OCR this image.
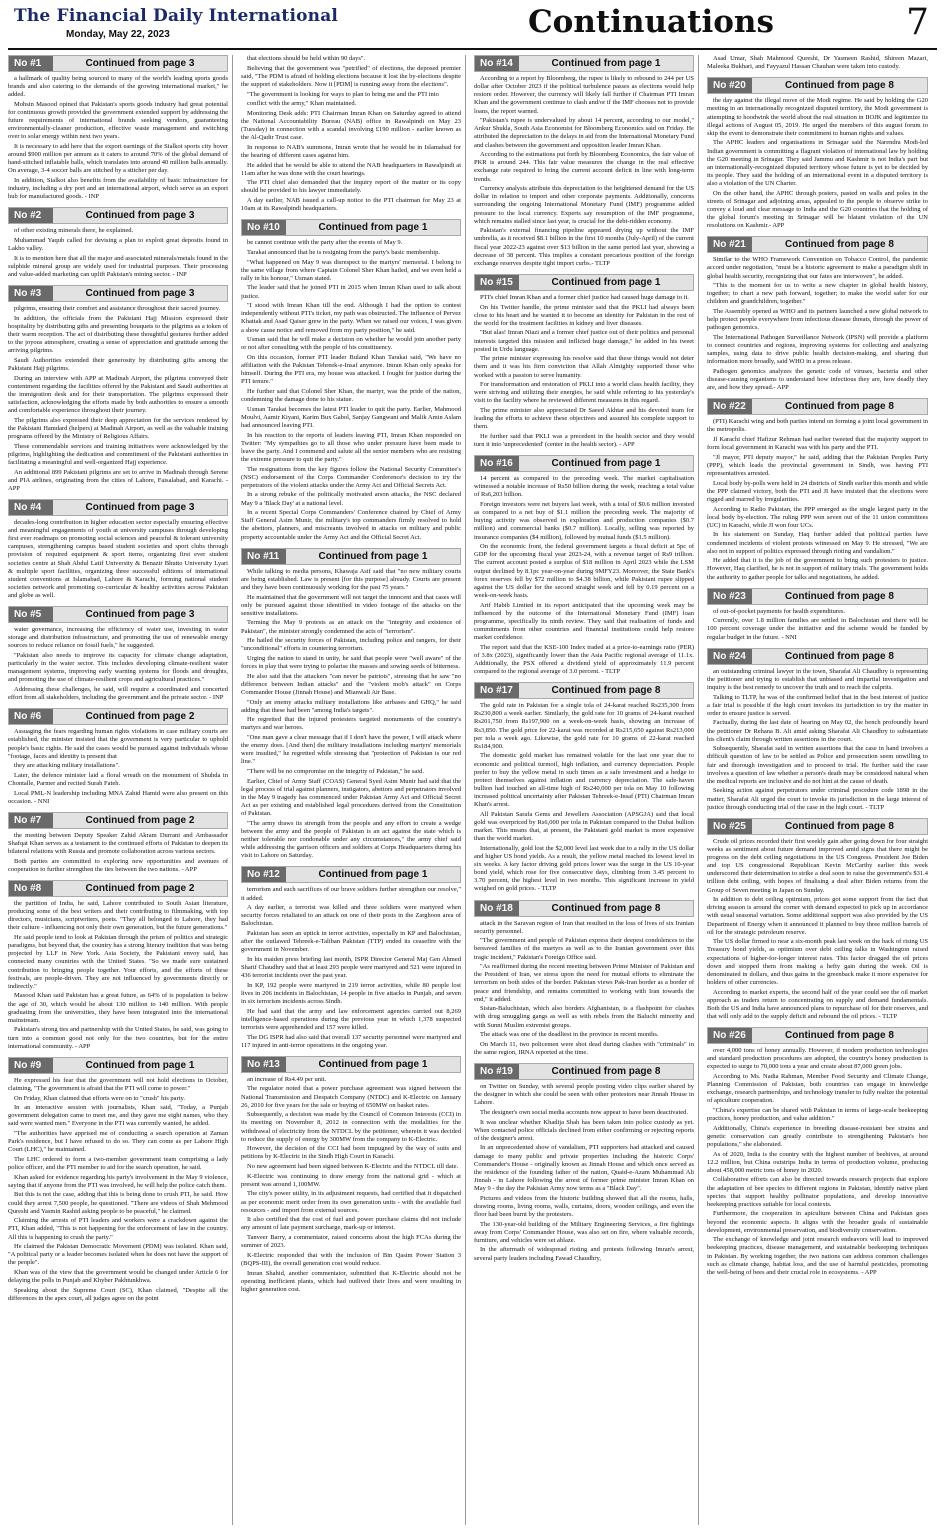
The Financial Daily International
Monday, May 22, 2023	Continuations	7
No #1	Continued from page 3

a hallmark of quality being sourced to many of the world's leading sports goods brands and also catering to the demands of the growing international market," he added.

Mohsin Masood opined that Pakistan's sports goods industry had great potential for continuous growth provided the government extended support by addressing the future requirements of international brands seeking vendors, guaranteeing environmentally-cleaner production, effective waste management and switching over to solar energy within next two years.

It is necessary to add here that the export earnings of the Sialkot sports city hover around $900 million per annum as it caters to around 70% of the global demand of hand-stitched inflatable balls, which translates into around 40 million balls annually. On average, 3-4 soccer balls are stitched by a stitcher per day.

In addition, Sialkot also benefits from the availability of basic infrastructure for industry, including a dry port and an international airport, which serve as an export hub for manufactured goods. - INP

No #2	Continued from page 3

of other existing minerals there, he explained.

Muhammad Yaqub called for devising a plan to exploit great deposits found in Lakho valley.

It is to mention here that all the major and associated minerals/metals found in the sulphide mineral group are widely used for industrial purposes. Their processing and value-added marketing can uplift Pakistan's mining sector. - INP

No #3	Continued from page 3

pilgrims, ensuring their comfort and assistance throughout their sacred journey.

In addition, the officials from the Pakistani Hajj Mission expressed their hospitality by distributing gifts and presenting bouquets to the pilgrims as a token of their warm reception. The act of distributing these thoughtful gestures further added to the joyous atmosphere, creating a sense of appreciation and gratitude among the arriving pilgrims.

Saudi Authorities extended their generosity by distributing gifts among the Pakistani Hajj pilgrims.

During an interview with APP at Madinah Airport, the pilgrims conveyed their contentment regarding the facilities offered by the Pakistani and Saudi authorities at the immigration desk and for their transportation. The pilgrims expressed their satisfaction, acknowledging the efforts made by both authorities to ensure a smooth and comfortable experience throughout their journey.

The pilgrims also expressed their deep appreciation for the services rendered by the Pakistani Hamdard (helpers) at Madinah Airport, as well as the valuable training programs offered by the Ministry of Religious Affairs.

These commendable services and training initiatives were acknowledged by the pilgrims, highlighting the dedication and commitment of the Pakistani authorities in facilitating a meaningful and well-organized Hajj experience.

An additional 899 Pakistani pilgrims are set to arrive in Madinah through Serene and PIA airlines, originating from the cities of Lahore, Faisalabad, and Karachi. - APP

No #4	Continued from page 3

decades-long contribution in higher education sector especially ensuring effective and meaningful engagements of youth at university campuses through developing first ever roadmaps on promoting social sciences and peaceful & tolerant university campuses, strengthening campus based student societies and sport clubs through provision of required equipment & sport items, organizing first ever student societies centre at Shah Abdul Latif University & Benazir Bhutto University Lyari & multiple sport facilities, organizing three successful editions of international student conventions at Islamabad, Lahore & Karachi, forming national student societies network and promoting co-curricular & healthy activities across Pakistan and globe as well.

No #5	Continued from page 3

water governance, increasing the efficiency of water use, investing in water storage and distribution infrastructure, and promoting the use of renewable energy sources to reduce reliance on fossil fuels," he suggested.

"Pakistan also needs to improve its capacity for climate change adaptation, particularly in the water sector. This includes developing climate-resilient water management systems, improving early warning systems for floods and droughts, and promoting the use of climate-resilient crops and agricultural practices."

Addressing these challenges, he said, will require a coordinated and concerted effort from all stakeholders, including the government and the private sector. - INP

No #6	Continued from page 2

Assuaging the fears regarding human rights violations in case military courts are established, the minister insisted that the government is very particular to uphold people's basic rights. He said the cases would be pursued against individuals whose "footage, faces and identity is present that

they are attacking military installations".

Later, the defence minister laid a floral wreath on the monument of Shuhda in Chontalle, Parmer and recited Surah Fateh.

Local PML-N leadership including MNA Zahid Hamid were also present on this occasion. - NNI

No #7	Continued from page 2

the meeting between Deputy Speaker Zahid Akram Durrani and Ambassador Shafqat Khan serves as a testament to the continued efforts of Pakistan to deepen its bilateral relations with Russia and promote collaboration across various sectors.

Both parties are committed to exploring new opportunities and avenues of cooperation to further strengthen the ties between the two nations. - APP

No #8	Continued from page 2

the partition of India, he said, Lahore contributed to South Asian literature, producing some of the best writers and their contributing to filmmaking, with top directors, musicians, scriptwriters, poets. "They all belonged to Lahore, they had their culture - influencing not only their own generation, but the future generations."

He said people tend to look at Pakistan through the prism of politics and strategic paradigms, but beyond that, the country has a strong literary tradition that was being projected by LLF in New York. Asia Society, the Pakistani envoy said, has connected many countries with the United States. "So we made sure sustained contribution to bringing people together. Your efforts, and the efforts of these festivals, are people-driven. They are not influenced by governments directly or indirectly."

Masood Khan said Pakistan has a great future, as 64% of is population is below the age of 30, which would be about 130 million to 140 million. With people graduating from the universities, they have been integrated into the international mainstream.

Pakistan's strong ties and partnership with the United States, he said, was going to turn into a common good not only for the two countries, but for the entire international community. - APP

No #9	Continued from page 1

He expressed his fear that the government will not hold elections in October, claiming, "The government is afraid that the PTI will come to power."

On Friday, Khan claimed that efforts were on to "crush" his party.

In an interactive session with journalists, Khan said, "Today, a Punjab government delegation came to meet me, and they gave me eight names, who they said were wanted men." Everyone in the PTI was currently wanted, he added.

"The authorities have apprised me of conducting a search operation at Zaman Park's residence, but I have refused to do so. They can come as per Lahore High Court (LHC)," he maintained.

The LHC ordered to form a two-member government team comprising a lady police officer, and the PTI member to aid for the search operation, he said.

Khan asked for evidence regarding his party's involvement in the May 9 violence, saying that if anyone from the PTI was involved, he will help the police catch them.

But this is not the case, adding that this is being done to crush PTI, he said. How could they arrest 7,500 people, he questioned. "There are videos of Shah Mehmood Qureshi and Yasmin Rashid asking people to be peaceful," he claimed.

Claiming the arrests of PTI leaders and workers were a crackdown against the PTI, Khan added, "This is not happening for the enforcement of law in the country. All this is happening to crush the party."

He claimed the Pakistan Democratic Movement (PDM) was isolated. Khan said, "A political party or a leader becomes isolated when he does not have the support of the people".

Khan was of the view that the government would be changed under Article 6 for delaying the polls in Punjab and Khyber Pakhtunkhwa.

Speaking about the Supreme Court (SC), Khan claimed, "Despite all the differences in the apex court, all judges agree on the point

that elections should be held within 90 days".

Believing that the government was "petrified" of elections, the deposed premier said, "The PDM is afraid of holding elections because it lost the by-elections despite the support of stakeholders. Now it [PDM] is running away from the elections".

"The government is looking for ways to plan to bring me and the PTI into

conflict with the army," Khan maintained.

Monitoring Desk adds: PTI Chairman Imran Khan on Saturday agreed to attend the National Accountability Bureau (NAB) office in Rawalpindi on May 23 (Tuesday) in connection with a scandal involving £190 million - earlier known as the Al-Qadir Trust case.

In response to NAB's summons, Imran wrote that he would be in Islamabad for the hearing of different cases against him.

He added that he would be able to attend the NAB headquarters in Rawalpindi at 11am after he was done with the court hearings.

The PTI chief also demanded that the inquiry report of the matter or its copy should be provided to his lawyer immediately.

A day earlier, NAB issued a call-up notice to the PTI chairman for May 23 at 10am at its Rawalpindi headquarters.

No #10	Continued from page 1

be cannot continue with the party after the events of May 9.

Tarakai announced that he is resigning from the party's basic membership.

"What happened on May 9 was disrespect to the martyrs' memorial. I belong to the same village from where Captain Colonel Sher Khan hailed, and we even held a rally in his honour," Usman stated.

The leader said that he joined PTI in 2015 when Imran Khan used to talk about justice.

"I stood with Imran Khan till the end. Although I had the option to contest independently without PTI's ticket, my path was obstructed. The influence of Pervez Khattak and Asad Qaiser grew in the party. When we raised our voices, I was given a show cause notice and removed from my party position," he said.

Usman said that he will make a decision on whether he would join another party or not after consulting with the people of his constituency.

On this occasion, former PTI leader Buland Khan Tarakai said, "We have no affiliation with the Pakistan Tehreek-e-Insaf anymore. Imran Khan only speaks for himself. During the PTI era, my house was attacked. I fought for justice during the PTI tenure."

He further said that Colonel Sher Khan, the martyr, was the pride of the nation, condemning the damage done to his statue.

Usman Tarakai becomes the latest PTI leader to quit the party. Earlier, Mahmood Moulvi, Aamir Kiyani, Karim Bux Gabol, Sanjay Gangwani and Malik Amin Aslam had announced leaving PTI.

In his reaction to the reports of leaders leaving PTI, Imran Khan responded on Twitter: "My sympathies go to all those who under pressure have been made to leave the party. And I commend and salute all the senior members who are resisting the extreme pressure to quit the party."

The resignations from the key figures follow the National Security Committee's (NSC) endorsement of the Corps Commander Conference's decision to try the perpetrators of the violent attacks under the Army Act and Official Secrets Act.

In a strong rebuke of the politically motivated arson attacks, the NSC declared May 9 a 'Black Day' at a national level.

In a recent Special Corps Commanders' Conference chaired by Chief of Army Staff General Asim Munir, the military's top commanders firmly resolved to hold the abettors, planners, and miscreants involved in attacks on military and public property accountable under the Army Act and the Official Secret Act.

No #11	Continued from page 1

While talking to media persons, Khawaja Asif said that "no new military courts are being established. Law is present [for this purpose] already. Courts are present and they have been continuously working for the past 75 years."

He maintained that the government will not target the innocent and that cases will only be pursued against those identified in video footage of the attacks on the sensitive installations.

Terming the May 9 protests as an attack on the "integrity and existence of Pakistan", the minister strongly condemned the acts of "terrorism".

He hailed the security forces of Pakistan, including police and rangers, for their "unconditional" efforts in countering terrorism.

Urging the nation to stand in unity, he said that people were "well aware" of the forces in play that were trying to polarise the masses and sowing seeds of bitterness.

He also said that the attackers "can never be patriots", stressing that he saw "no difference between Indian attacks" and the "violent mob's attack" on Corps Commander House (Jinnah House) and Mianwali Air Base.

"Only an enemy attacks military installations like airbases and GHQ," he said adding that these had been "among India's targets".

He regretted that the injured protesters targeted monuments of the country's martyrs and war heroes.

"One man gave a clear message that if I don't have the power, I will attack where the enemy does. [And then] the military installations including martyrs' memorials were insulted," he regretted while stressing that "protection of Pakistan is our red line."

"There will be no compromise on the integrity of Pakistan," he said.

Earlier, Chief of Army Staff (COAS) General Syed Asim Munir had said that the legal process of trial against planners, instigators, abettors and perpetrators involved in the May 9 tragedy has commenced under Pakistan Army Act and Official Secret Act as per existing and established legal procedures derived from the Constitution of Pakistan.

"The army draws its strength from the people and any effort to create a wedge between the army and the people of Pakistan is an act against the state which is neither tolerable nor condonable under any circumstances," the army chief said while addressing the garrison officers and soldiers at Corps Headquarters during his visit to Lahore on Saturday.

No #12	Continued from page 1

terrorism and such sacrifices of our brave soldiers further strengthen our resolve," it added.

A day earlier, a terrorist was killed and three soldiers were martyred when security forces retaliated to an attack on one of their posts in the Zarghoon area of Balochistan.

Pakistan has seen an uptick in terror activities, especially in KP and Balochistan, after the outlawed Tehreek-e-Taliban Pakistan (TTP) ended its ceasefire with the government in November.

In his maiden press briefing last month, ISPR Director General Maj Gen Ahmed Sharif Chaudhry said that at least 293 people were martyred and 521 were injured in 436 terrorist incidents over the past year.

In KP, 192 people were martyred in 219 terror activities, while 80 people lost lives in 206 incidents in Balochistan, 14 people in five attacks in Punjab, and seven in six terrorism incidents across Sindh.

He had said that the army and law enforcement agencies carried out 8,269 intelligence-based operations during the previous year in which 1,378 suspected terrorists were apprehended and 157 were killed.

The DG ISPR had also said that overall 137 security personnel were martyred and 117 injured in anti-terror operations in the ongoing year.

No #13	Continued from page 1

an increase of Rs4.49 per unit.

The regulator noted that a power purchase agreement was signed between the National Transmission and Despatch Company (NTDC) and K-Electric on January 26, 2010 for five years for the sale or buying of 650MW on basket rates.

Subsequently, a decision was made by the Council of Common Interests (CCI) in its meeting on November 8, 2012 in connection with the modalities for the withdrawal of electricity from the NTDCL by the petitioner, wherein it was decided to reduce the supply of energy by 300MW from the company to K-Electric.

However, the decision of the CCI had been impugned by the way of suits and petitions by K-Electric in the Sindh High Court in Karachi.

No new agreement had been signed between K-Electric and the NTDCL till date.

K-Electric was continuing to draw energy from the national grid - which at present was around 1,100MW.

The city's power utility, in its adjustment requests, had certified that it dispatched as per economic merit order from its own generation units - with the available fuel resources - and import from external sources.

It also certified that the cost of fuel and power purchase claims did not include any amount of late payment surcharge, mark-up or interest.

Tanveer Barry, a commentator, raised concerns about the high FCAs during the summer of 2023.

K-Electric responded that with the inclusion of Bin Qasim Power Station 3 (BQPS-III), the overall generation cost would reduce.

Imran Shahid, another commentator, submitted that K-Electric should not be operating inefficient plants, which had outlived their lives and were resulting in higher generation cost.

No #14	Continued from page 1

According to a report by Bloomberg, the rupee is likely to rebound to 244 per US dollar after October 2023 if the political turbulence passes as elections would help restore order. However, the currency will likely fall further if Chairman PTI Imran Khan and the government continue to clash and/or if the IMF chooses not to provide loans, the report warned.

"Pakistan's rupee is undervalued by about 14 percent, according to our model," Ankur Shukla, South Asia Economist for Bloomberg Economics said on Friday. He attributed the depreciation to the delays in aid from the International Monetary Fund and clashes between the government and opposition leader Imran Khan.

According to the estimations put forth by Bloomberg Economics, the fair value of PKR is around 244. This fair value measures the change in the real effective exchange rate required to bring the current account deficit in line with long-term trends.

Currency analysts attribute this depreciation to the heightened demand for the US dollar in relation to import and other corporate payments. Additionally, concerns surrounding the ongoing International Monetary Fund (IMF) programme added pressure to the local currency. Experts say resumption of the IMF programme, which remains stalled since last year, is crucial for the debt-ridden economy.

Pakistan's external financing pipeline appeared drying up without the IMF umbrella, as it received $8.1 billion in the first 10 months (July-April) of the current fiscal year 2022-23 against over $13 billion in the same period last year, showing a decrease of 38 percent. This implies a constant precarious position of the foreign exchange reserves despite tight import curbs.- TLTP

No #15	Continued from page 1

PTI's chief Imran Khan and a former chief justice had caused huge damage to it.

On his Twitter handle, the prime minister said that the PKLI had always been close to his heart and he wanted it to become an identity for Pakistan in the rest of the world for the treatment facilities in kidney and liver diseases.

"But alas! Imran Niazi and a former chief justice out of their politics and personal interests targeted this mission and inflicted huge damage," he added in his tweet posted in Urdu language.

The prime minister expressing his resolve said that these things would not deter them and it was his firm conviction that Allah Almighty supported those who worked with a passion to serve humanity.

For transformation and restoration of PKLI into a world class health facility, they were striving and utilizing their energies, he said while referring to his yesterday's visit to the facility where he reviewed different measures in this regard.

The prime minister also appreciated Dr Saeed Akhtar and his devoted team for leading the efforts to achieve these objectives and assured his complete support to them.

He further said that PKLI was a precedent in the health sector and they would turn it into 'unprecedented' (center in the health sector). - APP

No #16	Continued from page 1

14 percent as compared to the preceding week. The market capitalisation witnessed a notable increase of Rs50 billion during the week, reaching a total value of Rs6,203 billion.

Foreign investors were net buyers last week, with a total of $0.6 million invested as compared to a net buy of $1.1 million the preceding week. The majority of buying activity was observed in exploration and production companies ($0.7 million) and commercial banks ($0.7 million). Locally, selling was reported by insurance companies ($4 million), followed by mutual funds ($1.5 million).

On the economic front, the federal government targets a fiscal deficit at 5pc of GDP for the upcoming fiscal year 2023-24, with a revenue target of Rs9 trillion. The current account posted a surplus of $18 million in April 2023 while the LSM output declined by 8.1pc year-on-year during 9MFY23. Moreover, the State Bank's forex reserves fell by $72 million to $4.38 billion, while Pakistani rupee slipped against the US dollar for the second straight week and fell by 0.19 percent on a week-on-week basis.

Arif Habib Limited in its report anticipated that the upcoming week may be influenced by the outcome of the International Monetary Fund (IMF) loan programme, specifically its ninth review. They said that realisation of funds and commitments from other countries and financial institutions could help restore market confidence.

The report said that the KSE-100 Index traded at a price-to-earnings ratio (PER) of 3.8x (2023), significantly lower than the Asia Pacific regional average of 11.1x. Additionally, the PSX offered a dividend yield of approximately 11.9 percent compared to the regional average of 3.0 percent. - TLTP

No #17	Continued from page 8

The gold rate in Pakistan for a single tola of 24-karat reached Rs235,300 from Rs230,800 a week earlier. Similarly, the gold rate for 10 grams of 24-karat reached Rs201,750 from Rs197,900 on a week-on-week basis, showing an increase of Rs3,850. The gold price for 22-karat was recorded at Rs215,650 against Rs213,000 per tola a week ago. Likewise, the gold rate for 10 grams of 22-karat reached Rs184,900.

The domestic gold market has remained volatile for the last one year due to economic and political turmoil, high inflation, and currency depreciation. People prefer to buy the yellow metal in such times as a safe investment and a hedge to protect themselves against inflation and currency depreciation. The safe-haven bullion had touched an all-time high of Rs240,000 per tola on May 10 following increased political uncertainty after Pakistan Tehreek-e-Insaf (PTI) Chairman Imran Khan's arrest.

All Pakistan Sarafa Gems and Jewellers Association (APSGJA) said that local gold was overpriced by Rs6,000 per tola in Pakistan compared to the Dubai bullion market. This means that, at present, the Pakistani gold market is more expensive than the world market.

Internationally, gold lost the $2,000 level last week due to a rally in the US dollar and higher US bond yields. As a result, the yellow metal reached its lowest level in six weeks. A key factor driving gold prices lower was the surge in the US 10-year bond yield, which rose for five consecutive days, climbing from 3.45 percent to 3.70 percent, the highest level in two months. This significant increase in yield weighed on gold prices. - TLTP

No #18	Continued from page 8

attack in the Saravan region of Iran that resulted in the loss of lives of six Iranian security personnel.

"The government and people of Pakistan express their deepest condolences to the bereaved families of the martyrs as well as to the Iranian government over this tragic incident," Pakistan's Foreign Office said.

"As reaffirmed during the recent meeting between Prime Minister of Pakistan and the President of Iran, we stress upon the need for mutual efforts to eliminate the terrorism on both sides of the border. Pakistan views Pak-Iran border as a border of peace and friendship, and remains committed to working with Iran towards the end," it added.

Sistan-Baluchistan, which also borders Afghanistan, is a flashpoint for clashes with drug smuggling gangs as well as with rebels from the Baluchi minority and with Sunni Muslim extremist groups.

The attack was one of the deadliest in the province in recent months.

On March 11, two policemen were shot dead during clashes with "criminals" in the same region, IRNA reported at the time.

No #19	Continued from page 8

on Twitter on Sunday, with several people posting video clips earlier shared by the designer in which she could be seen with other protestors near Jinnah House in Lahore.

The designer's own social media accounts now appear to have been deactivated.

It was unclear whether Khadija Shah has been taken into police custody as yet. When contacted police officials declined from either confirming or rejecting reports of the designer's arrest.

In an unprecedented show of vandalism, PTI supporters had attacked and caused damage to many public and private properties including the historic Corps' Commander's House - originally known as Jinnah House and which once served as the residence of the founding father of the nation, Quaid-e-Azam Muhammad Ali Jinnah - in Lahore following the arrest of former prime minister Imran Khan on May 9 - the day the Pakistan Army now terms as a "Black Day".

Pictures and videos from the historic building showed that all the rooms, halls, drawing rooms, living rooms, walls, curtains, doors, wooden ceilings, and even the floor had been burnt by the protesters.

The 130-year-old building of the Military Engineering Services, a fire fightings away from Corps' Commander House, was also set on fire, where valuable records, furniture, and vehicles were set ablaze.

In the aftermath of widespread rioting and protests following Imran's arrest, several party leaders including Fawad Chaudhry,

Asad Umar, Shah Mahmood Qureshi, Dr Yasmeen Rashid, Shireen Mazari, Maleeka Bukhari, and Fayyazul Hassan Chauhan were taken into custody.

No #20	Continued from page 8

the day against the illegal move of the Modi regime. He said by holding the G20 meeting in an internationally recognized disputed territory, the Modi government is attempting to hoodwink the world about the real situation in IIOJK and legitimize its illegal actions of August 05, 2019. He urged the members of this august forum to skip the event to demonstrate their commitment to human rights and values.

The APHC leaders and organisations in Srinagar said the Narendra Modi-led Indian government is committing a flagrant violation of international law by holding the G20 meeting in Srinagar. They said Jammu and Kashmir is not India's part but an internationally-recognized disputed territory whose future is yet to be decided by its people. They said the holding of an international event in a disputed territory is also a violation of the UN Charter.

On the other hand, the APHC through posters, pasted on walls and poles in the streets of Srinagar and adjoining areas, appealed to the people to observe strike to convey a loud and clear message to India and the G20 countries that the holding of the global forum's meeting in Srinagar will be blatant violation of the UN resolutions on Kashmir.- APP

No #21	Continued from page 8

Similar to the WHO Framework Convention on Tobacco Control, the pandemic accord under negotiation, "must be a historic agreement to make a paradigm shift in global health security, recognizing that our fates are interwoven", he added.

"This is the moment for us to write a new chapter in global health history, together; to chart a new path forward, together; to make the world safer for our children and grandchildren, together."

The Assembly opened as WHO and its partners launched a new global network to help protect people everywhere from infectious disease threats, through the power of pathogen genomics.

The International Pathogen Surveillance Network (IPSN) will provide a platform to connect countries and regions, improving systems for collecting and analyzing samples, using data to drive public health decision-making, and sharing that information more broadly, said WHO in a press release.

Pathogen genomics analyzes the genetic code of viruses, bacteria and other disease-causing organisms to understand how infectious they are, how deadly they are, and how they spread.- APP

No #22	Continued from page 8

(PTI) Karachi wing and both parties intend on forming a joint local government in the metropolis.

Jl Karachi chief Hafizur Rehman had earlier tweeted that the majority support to form local government in Karachi was with his party and the PTI.

"Jl mayor, PTI deputy mayor," he said, adding that the Pakistan Peoples Party (PPP), which leads the provincial government in Sindh, was having PTI representatives arrested.

Local body by-polls were held in 24 districts of Sindh earlier this month and while the PPP claimed victory, both the PTI and JI have insisted that the elections were rigged and marred by irregularities.

According to Radio Pakistan, the PPP emerged as the single largest party in the local body by-election. The ruling PPP won seven out of the 11 union committees (UC) in Karachi, while JI won four UCs.

In his statement on Sunday, Haq further added that political parties have condemned incidents of violent protests witnessed on May 9. He stressed, "We are also not in support of politics expressed through rioting and vandalism."

He added that it is the job of the government to bring such protesters to justice. However, Haq clarified, he is not in support of military trials. The government holds the authority to gather people for talks and negotiations, he added.

No #23	Continued from page 8

of out-of-pocket payments for health expenditures.

Currently, over 1.8 million families are settled in Balochistan and there will be 100 percent coverage under the initiative and the scheme would be funded by regular budget in the future. - NNI

No #24	Continued from page 8

an outstanding criminal lawyer in the town, Sharafat Ali Chaudhry is representing the petitioner and trying to establish that unbiased and impartial investigation and inquiry is the best remedy to uncover the truth and to reach the culprits.

Talking to TLTP, he was of the confirmed belief that in the best interest of justice a fair trial is possible if the high court invokes its jurisdiction to try the matter in order to ensure justice is served.

Factually, during the last date of hearing on May 02, the bench profoundly heard the petitioner Dr Rehana B. Ali amid asking Sharafat Ali Chaudhry to substantiate his client's claim through written assertions in the court.

Subsequently, Sharafat said in written assertions that the case in hand involves a difficult question of law to be settled as Police and prosecution seem unwilling to fair and thorough investigation and to proceed to trial. He further said the case involves a question of law whether a person's death may be considered natural when the medical reports are inclusive and do not hint at the cause of death.

Seeking action against perpetrators under criminal procedure code 1898 in the matter, Sharafat Ali urged the court to invoke its jurisdiction in the large interest of justice through conducting trial of the case in the high court. - TLTP

No #25	Continued from page 8

Crude oil prices recorded their first weekly gain after going down for four straight weeks as sentiment about future demand improved amid signs that there might be progress on the debt ceiling negotiations in the US Congress. President Joe Biden and top US congressional Republican Kevin McCarthy earlier this week underscored their determination to strike a deal soon to raise the government's $31.4 trillion debt ceiling, with hopes of finalising a deal after Biden returns from the Group of Seven meeting in Japan on Sunday.

In addition to debt ceiling optimism, prices got some support from the fact that driving season is around the corner with demand expected to pick up in accordance with usual seasonal variation. Some additional support was also provided by the US Department of Energy when it announced it planned to buy three million barrels of oil for the strategic petroleum reserve.

The US dollar firmed to near a six-month peak last week on the back of rising US Treasury bond yields, as optimism over debt ceiling talks in Washington raised expectations of higher-for-longer interest rates. This factor dragged the oil prices down and stopped them from making a hefty gain during the week. Oil is denominated in dollars, and thus gains in the greenback make it more expensive for holders of other currencies.

According to market experts, the second half of the year could see the oil market approach as traders return to concentrating on supply and demand fundamentals. Both the US and India have announced plans to repurchase oil for their reserves, and that will only add to the supply deficit and rebound the oil prices. - TLTP

No #26	Continued from page 8

over 4,000 tons of honey annually. However, if modern production technologies and standard production procedures are adopted, the country's honey production is expected to surge to 70,000 tons a year and create about 87,000 green jobs.

According to Ms. Nadia Rahman, Member Food Security and Climate Change, Planning Commission of Pakistan, both countries can engage in knowledge exchange, research partnerships, and technology transfer to fully realize the potential of apiculture cooperation.

"China's expertise can be shared with Pakistan in terms of large-scale beekeeping practices, honey production, and value addition."

Additionally, China's experience in breeding disease-resistant bee strains and genetic conservation can greatly contribute to strengthening Pakistan's bee populations," she elaborated.

As of 2020, India is the country with the highest number of beehives, at around 12.2 million, but China outstrips India in terms of production volume, producing about 458,000 metric tons of honey in 2020.

Collaborative efforts can also be directed towards research projects that explore the adaptation of bee species to different regions in Pakistan, identify native plant species that support healthy pollinator populations, and develop innovative beekeeping practices suitable for local contexts.

Furthermore, the cooperation in apiculture between China and Pakistan goes beyond the economic aspects. It aligns with the broader goals of sustainable development, environmental preservation, and biodiversity conservation.

The exchange of knowledge and joint research endeavors will lead to improved beekeeping practices, disease management, and sustainable beekeeping techniques in Pakistan. By working together, the two nations can address common challenges such as climate change, habitat loss, and the use of harmful pesticides, promoting the well-being of bees and their crucial role in ecosystems. - APP
